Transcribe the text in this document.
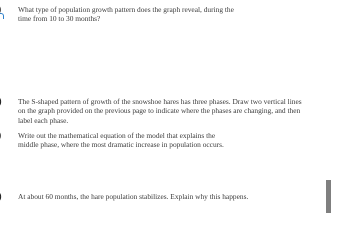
What type of population growth pattern does the graph reveal, during the
time from 10 to 30 months?
The S-shaped pattern of growth of the snowshoe hares has three phases. Draw two vertical lines
on the graph provided on the previous page to indicate where the phases are changing, and then
label each phase.
Write out the mathematical equation of the model that explains the
middle phase, where the most dramatic increase in population occurs.
At about 60 months, the hare population stabilizes. Explain why this happens.
